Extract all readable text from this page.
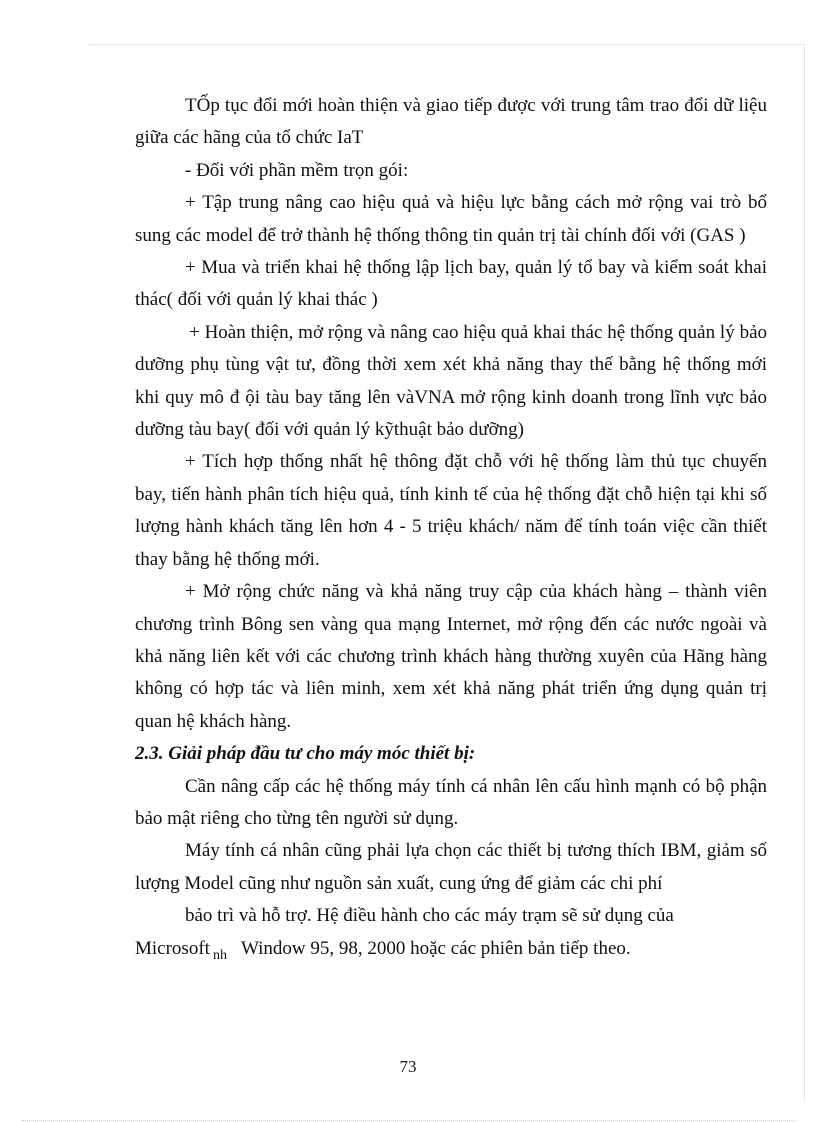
TỐp tục đổi mới hoàn thiện và giao tiếp được với trung tâm trao đổi dữ liệu giữa các hãng của tổ chức IaT

- Đối với phần mềm trọn gói:

+ Tập trung nâng cao hiệu quả và hiệu lực bằng cách mở rộng vai trò bổ sung các model để trở thành hệ thống thông tin quản trị tài chính đối với (GAS )

+ Mua và triển khai hệ thống lập lịch bay, quản lý tổ bay và kiểm soát khai thác( đối với quản lý khai thác )

+ Hoàn thiện, mở rộng và nâng cao hiệu quả khai thác hệ thống quản lý bảo dưỡng phụ tùng vật tư, đồng thời xem xét khả năng thay thế bằng hệ thống mới khi quy mô đ ội tàu bay tăng lên vàVNA mở rộng kinh doanh trong lĩnh vực bảo dưỡng tàu bay( đối với quản lý kỹthuật bảo dưỡng)

+ Tích hợp thống nhất hệ thông đặt chỗ với hệ thống làm thủ tục chuyến bay, tiến hành phân tích hiệu quả, tính kinh tế của hệ thống đặt chỗ hiện tại khi số lượng hành khách tăng lên hơn 4 - 5 triệu khách/ năm để tính toán việc cần thiết thay bằng hệ thống mới.

+ Mở rộng chức năng và khả năng truy cập của khách hàng – thành viên chương trình Bông sen vàng qua mạng Internet, mở rộng đến các nước ngoài và khả năng liên kết với các chương trình khách hàng thường xuyên của Hãng hàng không có hợp tác và liên minh, xem xét khả năng phát triển ứng dụng quản trị quan hệ khách hàng.

2.3. Giải pháp đầu tư cho máy móc thiết bị:

Cần nâng cấp các hệ thống máy tính cá nhân lên cấu hình mạnh có bộ phận bảo mật riêng cho từng tên người sử dụng.

Máy tính cá nhân cũng phải lựa chọn các thiết bị tương thích IBM, giảm số lượng Model cũng như nguồn sản xuất, cung ứng để giảm các chi phí

bảo trì và hỗ trợ. Hệ điều hành cho các máy trạm sẽ sử dụng của

Microsoft $_{nh}$ Window 95, 98, 2000 hoặc các phiên bản tiếp theo.

73
